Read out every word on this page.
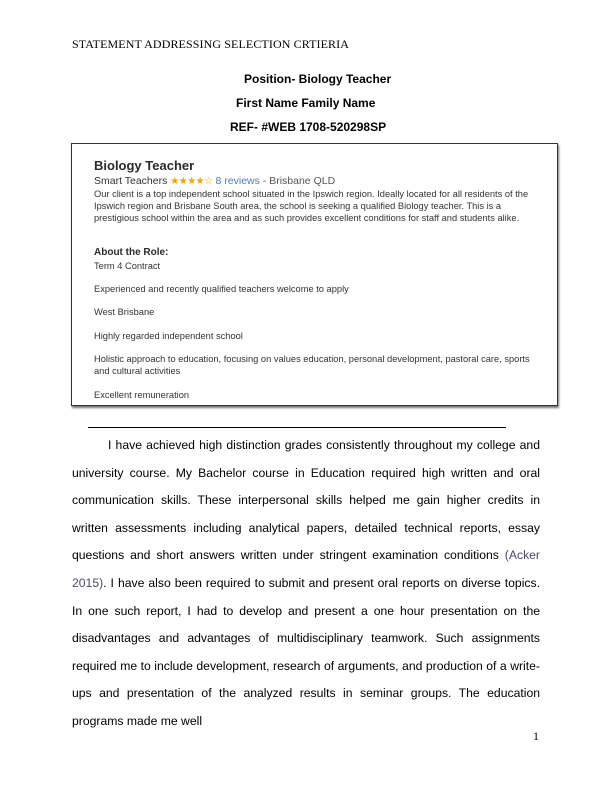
STATEMENT ADDRESSING SELECTION CRTIERIA
Position- Biology Teacher
First Name Family Name
REF- #WEB 1708-520298SP
Biology Teacher
Smart Teachers ★★★★☆ 8 reviews - Brisbane QLD
Our client is a top independent school situated in the Ipswich region. Ideally located for all residents of the Ipswich region and Brisbane South area, the school is seeking a qualified Biology teacher. This is a prestigious school within the area and as such provides excellent conditions for staff and students alike.
About the Role:
Term 4 Contract
Experienced and recently qualified teachers welcome to apply
West Brisbane
Highly regarded independent school
Holistic approach to education, focusing on values education, personal development, pastoral care, sports and cultural activities
Excellent remuneration
I have achieved high distinction grades consistently throughout my college and university course. My Bachelor course in Education required high written and oral communication skills. These interpersonal skills helped me gain higher credits in written assessments including analytical papers, detailed technical reports, essay questions and short answers written under stringent examination conditions (Acker 2015). I have also been required to submit and present oral reports on diverse topics. In one such report, I had to develop and present a one hour presentation on the disadvantages and advantages of multidisciplinary teamwork. Such assignments required me to include development, research of arguments, and production of a write-ups and presentation of the analyzed results in seminar groups. The education programs made me well
1
